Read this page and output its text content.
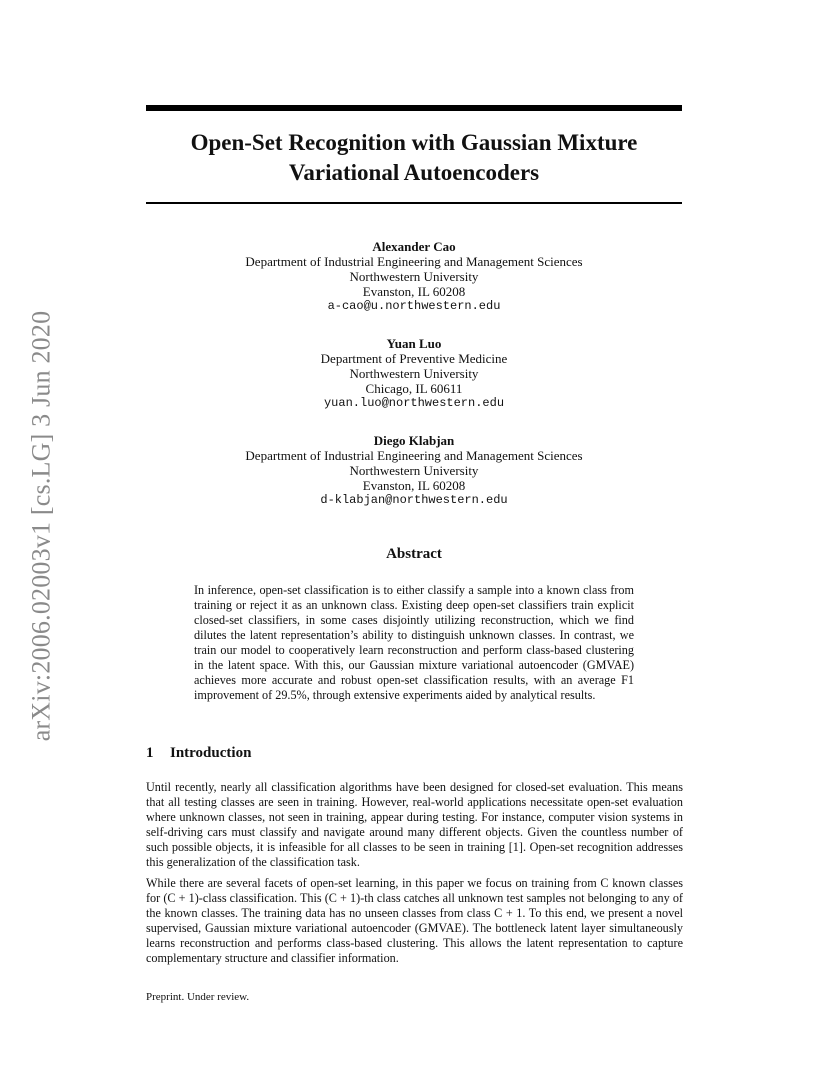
arXiv:2006.02003v1 [cs.LG] 3 Jun 2020
Open-Set Recognition with Gaussian Mixture
Variational Autoencoders
Alexander Cao
Department of Industrial Engineering and Management Sciences
Northwestern University
Evanston, IL 60208
a-cao@u.northwestern.edu
Yuan Luo
Department of Preventive Medicine
Northwestern University
Chicago, IL 60611
yuan.luo@northwestern.edu
Diego Klabjan
Department of Industrial Engineering and Management Sciences
Northwestern University
Evanston, IL 60208
d-klabjan@northwestern.edu
Abstract
In inference, open-set classification is to either classify a sample into a known class from training or reject it as an unknown class. Existing deep open-set classifiers train explicit closed-set classifiers, in some cases disjointly utilizing reconstruction, which we find dilutes the latent representation’s ability to distinguish unknown classes. In contrast, we train our model to cooperatively learn reconstruction and perform class-based clustering in the latent space. With this, our Gaussian mixture variational autoencoder (GMVAE) achieves more accurate and robust open-set classification results, with an average F1 improvement of 29.5%, through extensive experiments aided by analytical results.
1 Introduction
Until recently, nearly all classification algorithms have been designed for closed-set evaluation. This means that all testing classes are seen in training. However, real-world applications necessitate open-set evaluation where unknown classes, not seen in training, appear during testing. For instance, computer vision systems in self-driving cars must classify and navigate around many different objects. Given the countless number of such possible objects, it is infeasible for all classes to be seen in training [1]. Open-set recognition addresses this generalization of the classification task.
While there are several facets of open-set learning, in this paper we focus on training from C known classes for (C + 1)-class classification. This (C + 1)-th class catches all unknown test samples not belonging to any of the known classes. The training data has no unseen classes from class C + 1. To this end, we present a novel supervised, Gaussian mixture variational autoencoder (GMVAE). The bottleneck latent layer simultaneously learns reconstruction and performs class-based clustering. This allows the latent representation to capture complementary structure and classifier information.
Preprint. Under review.
